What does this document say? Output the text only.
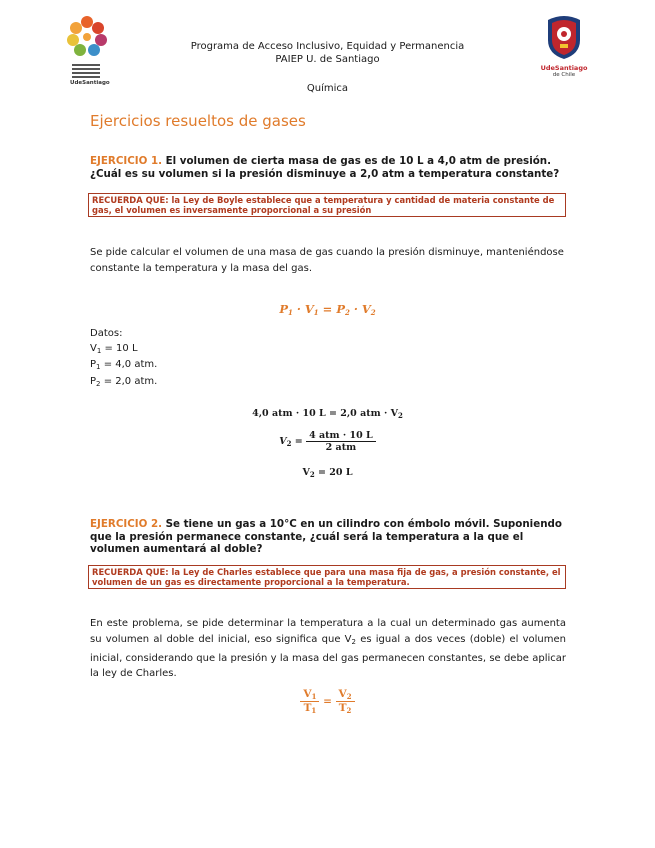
UdeSantiago
UdeSantiago
de Chile
Programa de Acceso Inclusivo, Equidad y Permanencia
PAIEP U. de Santiago
Química
Ejercicios resueltos de gases
EJERCICIO 1. El volumen de cierta masa de gas es de 10 L a 4,0 atm de presión. ¿Cuál es su volumen si la presión disminuye a 2,0 atm a temperatura constante?
RECUERDA QUE: la Ley de Boyle establece que a temperatura y cantidad de materia constante de gas, el volumen es inversamente proporcional a su presión
Se pide calcular el volumen de una masa de gas cuando la presión disminuye, manteniéndose constante la temperatura y la masa del gas.
$P_1 \cdot V_1 = P_2 \cdot V_2$
Datos:
$V_1 = 10$ L
$P_1 = 4,0$ atm.
$P_2 = 2,0$ atm.
4,0 atm · 10 L = 2,0 atm · $V_2$
$V_2 = \frac{\text{4 atm · 10 L}}{\text{2 atm}}$
$V_2 = 20$ L
EJERCICIO 2. Se tiene un gas a 10°C en un cilindro con émbolo móvil. Suponiendo que la presión permanece constante, ¿cuál será la temperatura a la que el volumen aumentará al doble?
RECUERDA QUE: la Ley de Charles establece que para una masa fija de gas, a presión constante, el volumen de un gas es directamente proporcional a la temperatura.
En este problema, se pide determinar la temperatura a la cual un determinado gas aumenta su volumen al doble del inicial, eso significa que $V_2$ es igual a dos veces (doble) el volumen inicial, considerando que la presión y la masa del gas permanecen constantes, se debe aplicar la ley de Charles.
$\frac{V_1}{T_1} = \frac{V_2}{T_2}$
